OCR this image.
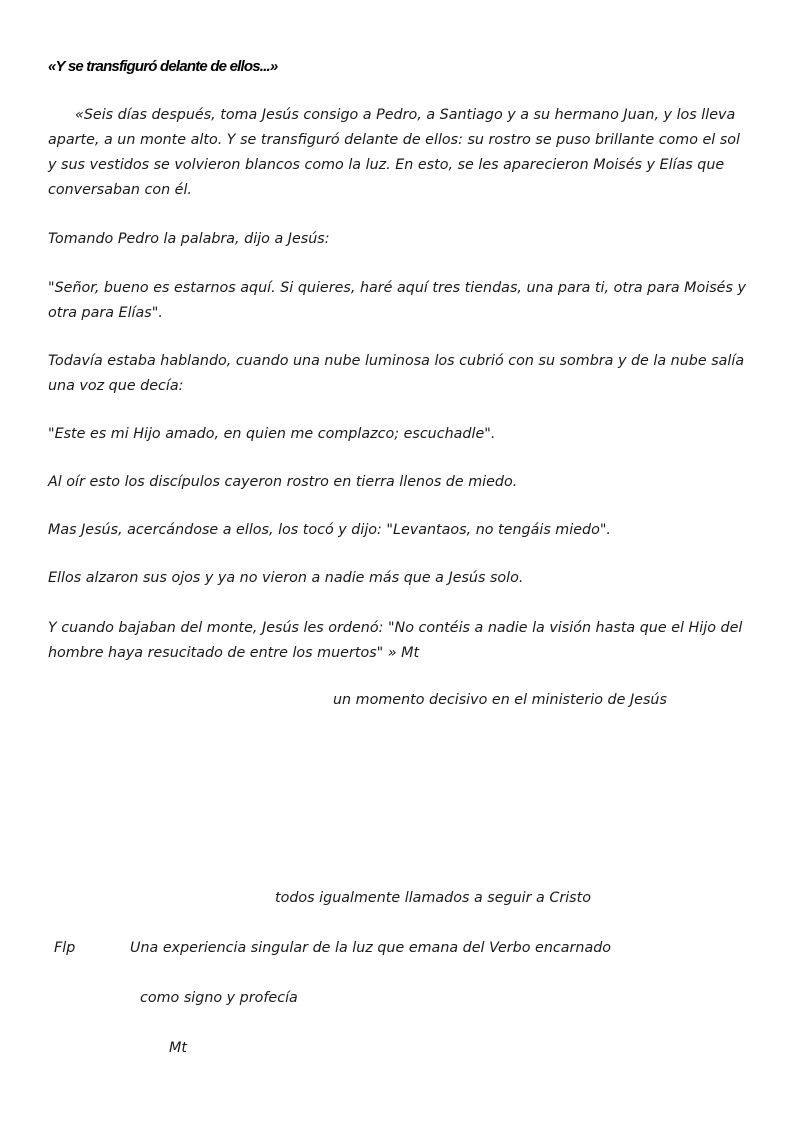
«Y se transfiguró delante de ellos...»

«Seis días después, toma Jesús consigo a Pedro, a Santiago y a su hermano Juan, y los lleva aparte, a un monte alto. Y se transfiguró delante de ellos: su rostro se puso brillante como el sol y sus vestidos se volvieron blancos como la luz. En esto, se les aparecieron Moisés y Elías que conversaban con él.

Tomando Pedro la palabra, dijo a Jesús:

"Señor, bueno es estarnos aquí. Si quieres, haré aquí tres tiendas, una para ti, otra para Moisés y otra para Elías".

Todavía estaba hablando, cuando una nube luminosa los cubrió con su sombra y de la nube salía una voz que decía:

"Este es mi Hijo amado, en quien me complazco; escuchadle".

Al oír esto los discípulos cayeron rostro en tierra llenos de miedo.

Mas Jesús, acercándose a ellos, los tocó y dijo: "Levantaos, no tengáis miedo".

Ellos alzaron sus ojos y ya no vieron a nadie más que a Jesús solo.

Y cuando bajaban del monte, Jesús les ordenó: "No contéis a nadie la visión hasta que el Hijo del hombre haya resucitado de entre los muertos" » Mt

un momento decisivo en el ministerio de Jesús
todos igualmente llamados a seguir a Cristo
Flp	Una experiencia singular de la luz que emana del Verbo encarnado
como signo y profecía
Mt
